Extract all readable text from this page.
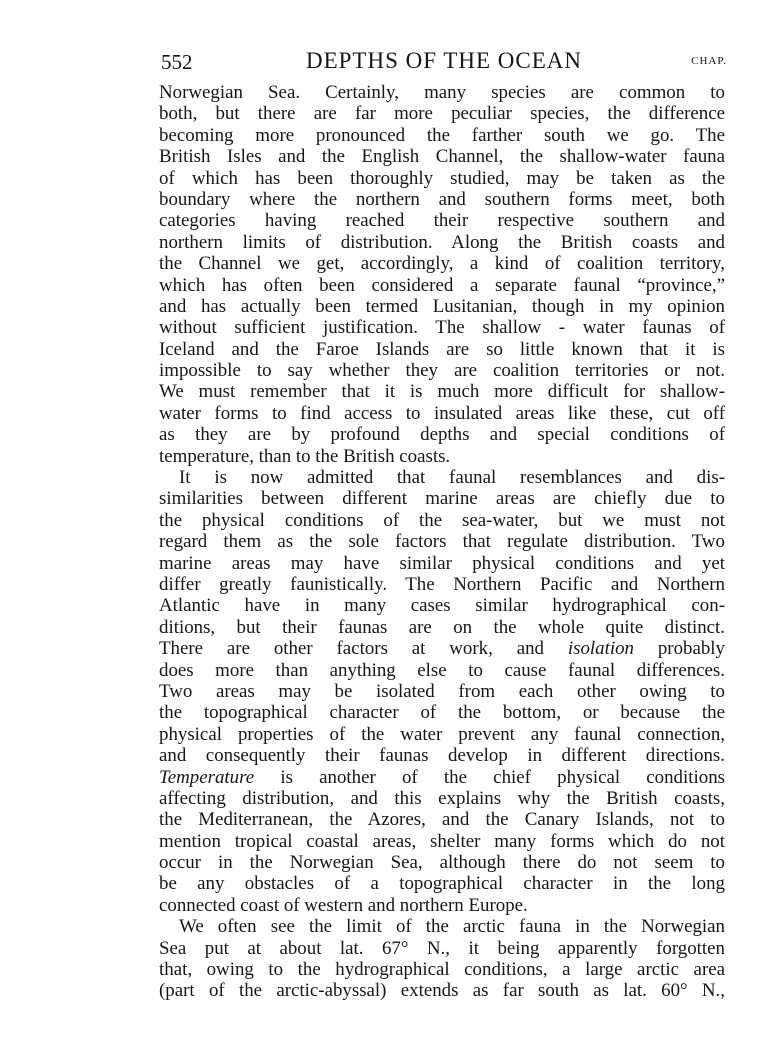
552	DEPTHS OF THE OCEAN	CHAP.
Norwegian Sea. Certainly, many species are common to
both, but there are far more peculiar species, the difference
becoming more pronounced the farther south we go. The
British Isles and the English Channel, the shallow-water fauna
of which has been thoroughly studied, may be taken as the
boundary where the northern and southern forms meet, both
categories having reached their respective southern and
northern limits of distribution. Along the British coasts and
the Channel we get, accordingly, a kind of coalition territory,
which has often been considered a separate faunal “province,”
and has actually been termed Lusitanian, though in my opinion
without sufficient justification. The shallow - water faunas of
Iceland and the Faroe Islands are so little known that it is
impossible to say whether they are coalition territories or not.
We must remember that it is much more difficult for shallow-
water forms to find access to insulated areas like these, cut off
as they are by profound depths and special conditions of
temperature, than to the British coasts.
It is now admitted that faunal resemblances and dis-
similarities between different marine areas are chiefly due to
the physical conditions of the sea-water, but we must not
regard them as the sole factors that regulate distribution. Two
marine areas may have similar physical conditions and yet
differ greatly faunistically. The Northern Pacific and Northern
Atlantic have in many cases similar hydrographical con-
ditions, but their faunas are on the whole quite distinct.
There are other factors at work, and isolation probably
does more than anything else to cause faunal differences.
Two areas may be isolated from each other owing to
the topographical character of the bottom, or because the
physical properties of the water prevent any faunal connection,
and consequently their faunas develop in different directions.
Temperature is another of the chief physical conditions
affecting distribution, and this explains why the British coasts,
the Mediterranean, the Azores, and the Canary Islands, not to
mention tropical coastal areas, shelter many forms which do not
occur in the Norwegian Sea, although there do not seem to
be any obstacles of a topographical character in the long
connected coast of western and northern Europe.
We often see the limit of the arctic fauna in the Norwegian
Sea put at about lat. 67° N., it being apparently forgotten
that, owing to the hydrographical conditions, a large arctic area
(part of the arctic-abyssal) extends as far south as lat. 60° N.,
